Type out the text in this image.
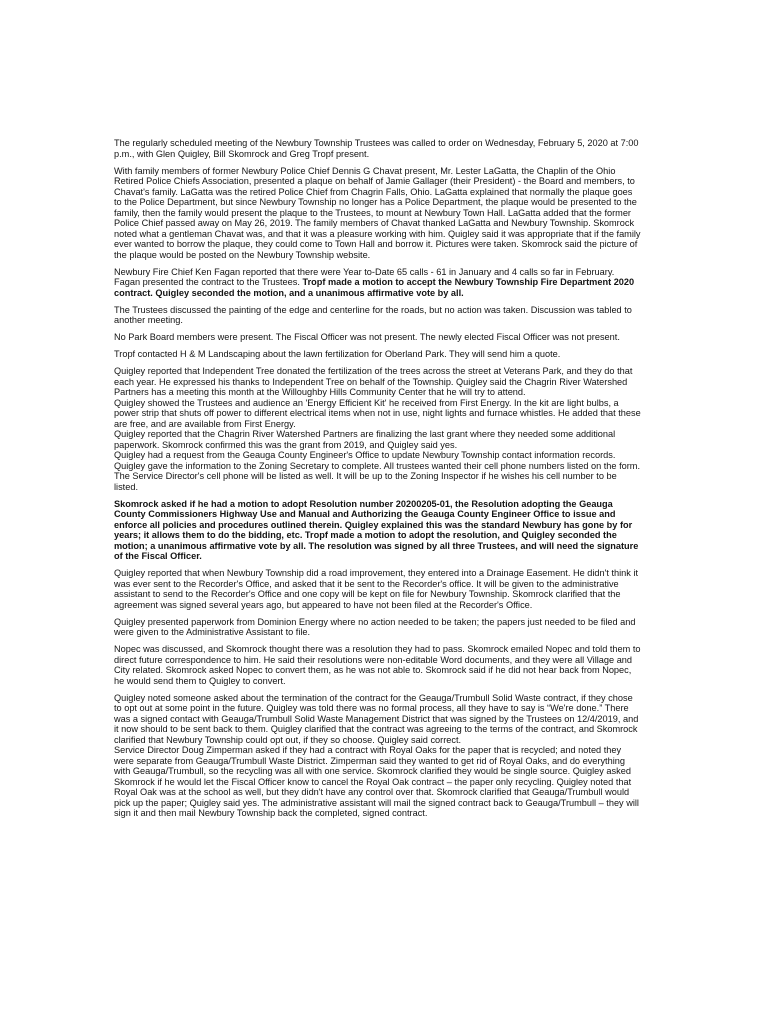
The regularly scheduled meeting of the Newbury Township Trustees was called to order on Wednesday, February 5, 2020 at 7:00 p.m., with Glen Quigley, Bill Skomrock and Greg Tropf present.

With family members of former Newbury Police Chief Dennis G Chavat present, Mr. Lester LaGatta, the Chaplin of the Ohio Retired Police Chiefs Association, presented a plaque on behalf of Jamie Gallager (their President) - the Board and members, to Chavat's family. LaGatta was the retired Police Chief from Chagrin Falls, Ohio. LaGatta explained that normally the plaque goes to the Police Department, but since Newbury Township no longer has a Police Department, the plaque would be presented to the family, then the family would present the plaque to the Trustees, to mount at Newbury Town Hall. LaGatta added that the former Police Chief passed away on May 26, 2019. The family members of Chavat thanked LaGatta and Newbury Township. Skomrock noted what a gentleman Chavat was, and that it was a pleasure working with him. Quigley said it was appropriate that if the family ever wanted to borrow the plaque, they could come to Town Hall and borrow it. Pictures were taken. Skomrock said the picture of the plaque would be posted on the Newbury Township website.

Newbury Fire Chief Ken Fagan reported that there were Year to-Date 65 calls - 61 in January and 4 calls so far in February. Fagan presented the contract to the Trustees. Tropf made a motion to accept the Newbury Township Fire Department 2020 contract. Quigley seconded the motion, and a unanimous affirmative vote by all.

The Trustees discussed the painting of the edge and centerline for the roads, but no action was taken. Discussion was tabled to another meeting.

No Park Board members were present. The Fiscal Officer was not present. The newly elected Fiscal Officer was not present.

Tropf contacted H & M Landscaping about the lawn fertilization for Oberland Park. They will send him a quote.

Quigley reported that Independent Tree donated the fertilization of the trees across the street at Veterans Park, and they do that each year. He expressed his thanks to Independent Tree on behalf of the Township. Quigley said the Chagrin River Watershed Partners has a meeting this month at the Willoughby Hills Community Center that he will try to attend.

Quigley showed the Trustees and audience an 'Energy Efficient Kit' he received from First Energy. In the kit are light bulbs, a power strip that shuts off power to different electrical items when not in use, night lights and furnace whistles. He added that these are free, and are available from First Energy.

Quigley reported that the Chagrin River Watershed Partners are finalizing the last grant where they needed some additional paperwork. Skomrock confirmed this was the grant from 2019, and Quigley said yes.

Quigley had a request from the Geauga County Engineer's Office to update Newbury Township contact information records. Quigley gave the information to the Zoning Secretary to complete. All trustees wanted their cell phone numbers listed on the form. The Service Director's cell phone will be listed as well. It will be up to the Zoning Inspector if he wishes his cell number to be listed.

Skomrock asked if he had a motion to adopt Resolution number 20200205-01, the Resolution adopting the Geauga County Commissioners Highway Use and Manual and Authorizing the Geauga County Engineer Office to issue and enforce all policies and procedures outlined therein. Quigley explained this was the standard Newbury has gone by for years; it allows them to do the bidding, etc. Tropf made a motion to adopt the resolution, and Quigley seconded the motion; a unanimous affirmative vote by all. The resolution was signed by all three Trustees, and will need the signature of the Fiscal Officer.

Quigley reported that when Newbury Township did a road improvement, they entered into a Drainage Easement. He didn't think it was ever sent to the Recorder's Office, and asked that it be sent to the Recorder's office. It will be given to the administrative assistant to send to the Recorder's Office and one copy will be kept on file for Newbury Township. Skomrock clarified that the agreement was signed several years ago, but appeared to have not been filed at the Recorder's Office.

Quigley presented paperwork from Dominion Energy where no action needed to be taken; the papers just needed to be filed and were given to the Administrative Assistant to file.

Nopec was discussed, and Skomrock thought there was a resolution they had to pass. Skomrock emailed Nopec and told them to direct future correspondence to him. He said their resolutions were non-editable Word documents, and they were all Village and City related. Skomrock asked Nopec to convert them, as he was not able to. Skomrock said if he did not hear back from Nopec, he would send them to Quigley to convert.

Quigley noted someone asked about the termination of the contract for the Geauga/Trumbull Solid Waste contract, if they chose to opt out at some point in the future. Quigley was told there was no formal process, all they have to say is “We're done.” There was a signed contact with Geauga/Trumbull Solid Waste Management District that was signed by the Trustees on 12/4/2019, and it now should to be sent back to them. Quigley clarified that the contract was agreeing to the terms of the contract, and Skomrock clarified that Newbury Township could opt out, if they so choose. Quigley said correct.

Service Director Doug Zimperman asked if they had a contract with Royal Oaks for the paper that is recycled; and noted they were separate from Geauga/Trumbull Waste District. Zimperman said they wanted to get rid of Royal Oaks, and do everything with Geauga/Trumbull, so the recycling was all with one service. Skomrock clarified they would be single source. Quigley asked Skomrock if he would let the Fiscal Officer know to cancel the Royal Oak contract – the paper only recycling. Quigley noted that Royal Oak was at the school as well, but they didn't have any control over that. Skomrock clarified that Geauga/Trumbull would pick up the paper; Quigley said yes. The administrative assistant will mail the signed contract back to Geauga/Trumbull – they will sign it and then mail Newbury Township back the completed, signed contract.
